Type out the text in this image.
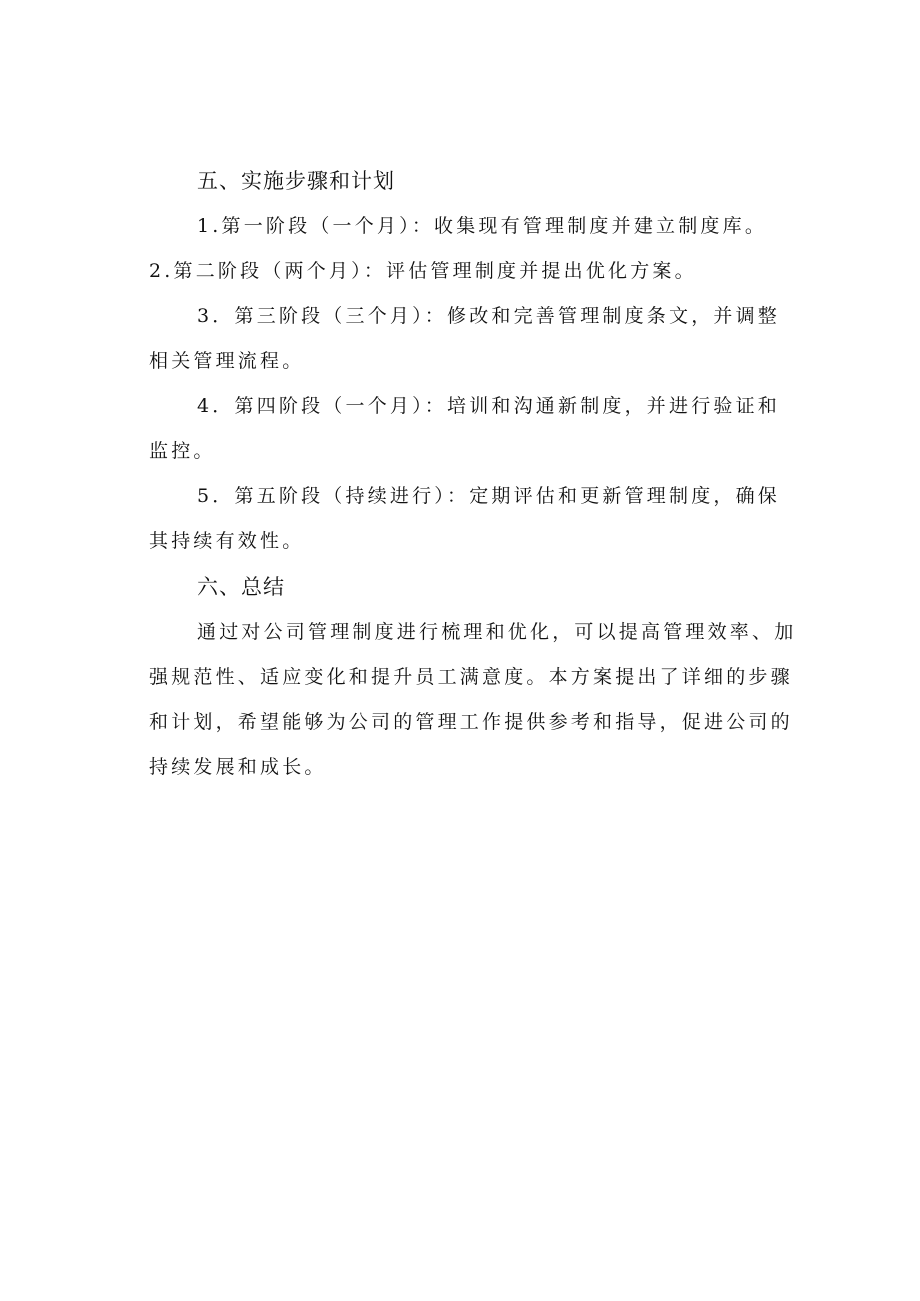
五、实施步骤和计划

1.第一阶段（一个月）：收集现有管理制度并建立制度库。

2.第二阶段（两个月）：评估管理制度并提出优化方案。

3．第三阶段（三个月）：修改和完善管理制度条文，并调整相关管理流程。

4．第四阶段（一个月）：培训和沟通新制度，并进行验证和监控。

5．第五阶段（持续进行）：定期评估和更新管理制度，确保其持续有效性。

六、总结

通过对公司管理制度进行梳理和优化，可以提高管理效率、加强规范性、适应变化和提升员工满意度。本方案提出了详细的步骤和计划，希望能够为公司的管理工作提供参考和指导，促进公司的持续发展和成长。
